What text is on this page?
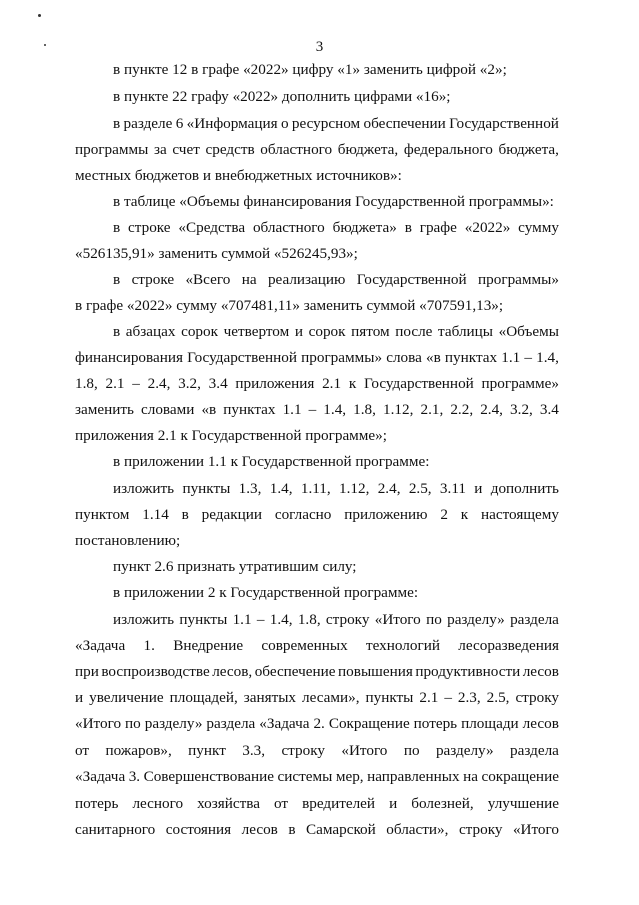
3
в пункте 12 в графе «2022» цифру «1» заменить цифрой «2»;
в пункте 22 графу «2022» дополнить цифрами «16»;
в разделе 6 «Информация о ресурсном обеспечении Государственной
программы за счет средств областного бюджета, федерального бюджета,
местных бюджетов и внебюджетных источников»:
в таблице «Объемы финансирования Государственной программы»:
в строке «Средства областного бюджета» в графе «2022» сумму
«526135,91» заменить суммой «526245,93»;
в строке «Всего на реализацию Государственной программы»
в графе «2022» сумму «707481,11» заменить суммой «707591,13»;
в абзацах сорок четвертом и сорок пятом после таблицы «Объемы
финансирования Государственной программы» слова «в пунктах 1.1 – 1.4,
1.8, 2.1 – 2.4, 3.2, 3.4 приложения 2.1 к Государственной программе»
заменить словами «в пунктах 1.1 – 1.4, 1.8, 1.12, 2.1, 2.2, 2.4, 3.2, 3.4
приложения 2.1 к Государственной программе»;
в приложении 1.1 к Государственной программе:
изложить пункты 1.3, 1.4, 1.11, 1.12, 2.4, 2.5, 3.11 и дополнить
пунктом 1.14 в редакции согласно приложению 2 к настоящему
постановлению;
пункт 2.6 признать утратившим силу;
в приложении 2 к Государственной программе:
изложить пункты 1.1 – 1.4, 1.8, строку «Итого по разделу» раздела
«Задача 1. Внедрение современных технологий лесоразведения
при воспроизводстве лесов, обеспечение повышения продуктивности лесов
и увеличение площадей, занятых лесами», пункты 2.1 – 2.3, 2.5, строку
«Итого по разделу» раздела «Задача 2. Сокращение потерь площади лесов
от пожаров», пункт 3.3, строку «Итого по разделу» раздела
«Задача 3. Совершенствование системы мер, направленных на сокращение
потерь лесного хозяйства от вредителей и болезней, улучшение
санитарного состояния лесов в Самарской области», строку «Итого
